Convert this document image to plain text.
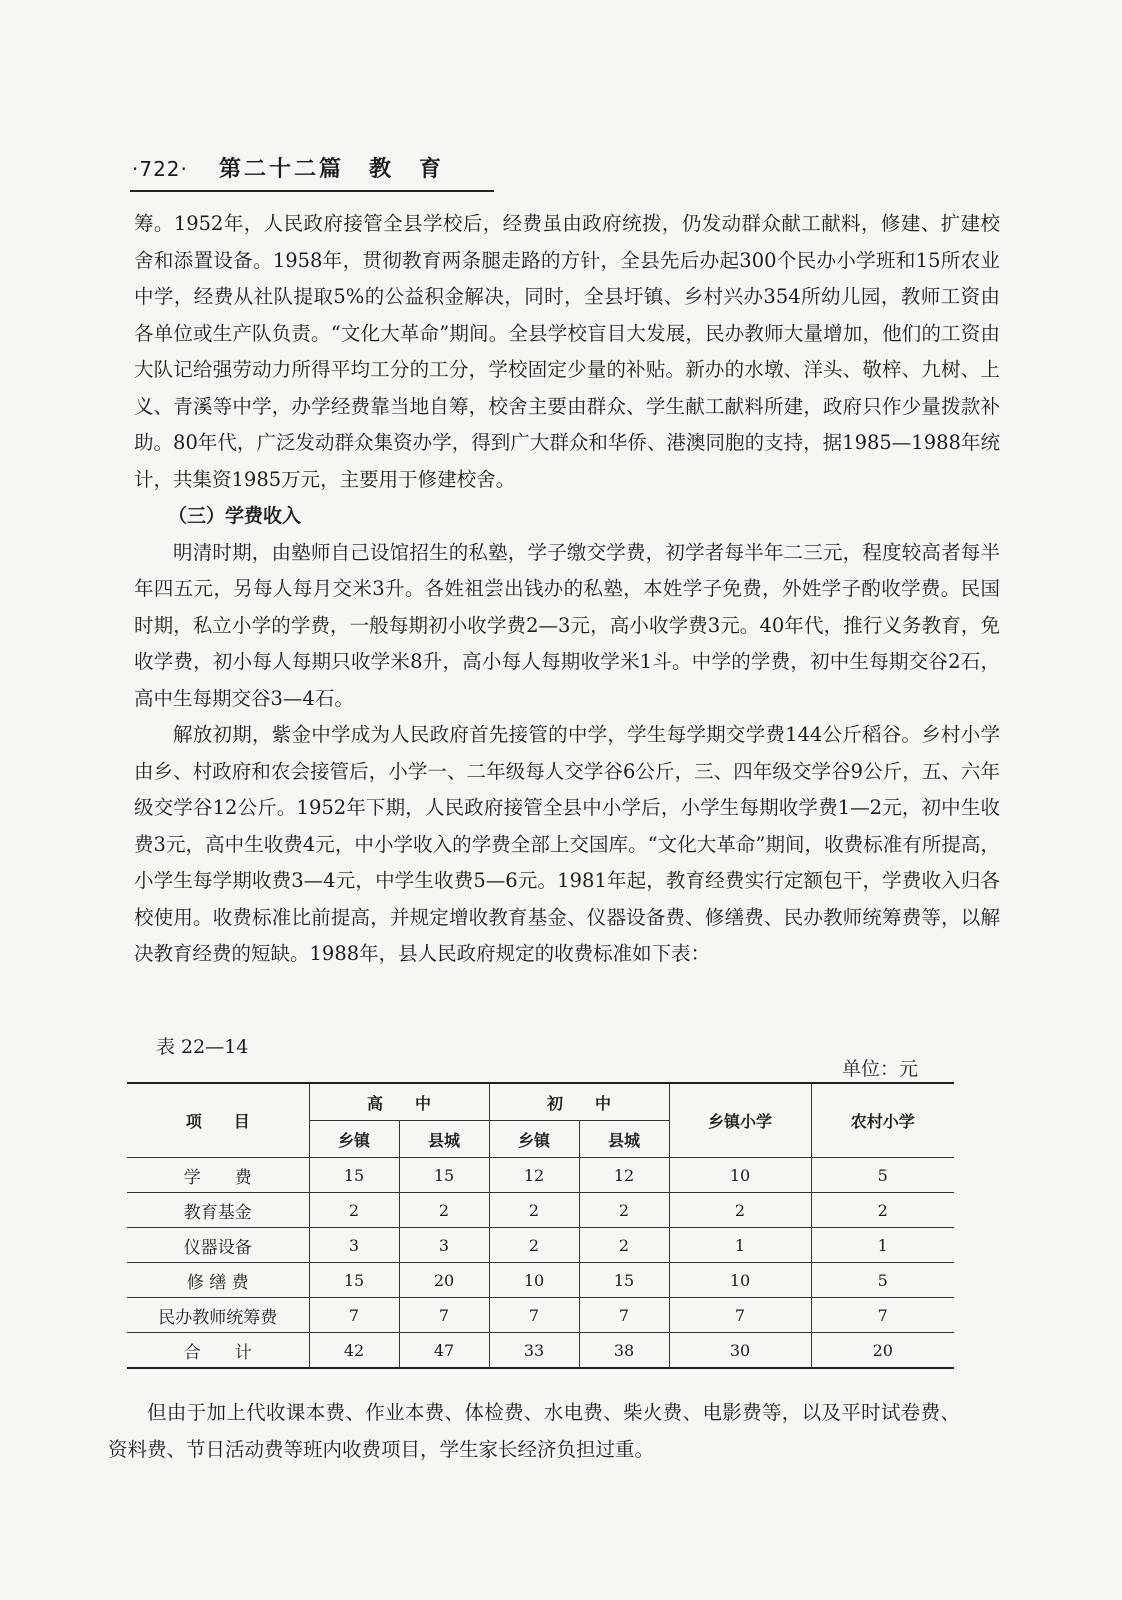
·722· 第二十二篇　教　育

筹。1952年，人民政府接管全县学校后，经费虽由政府统拨，仍发动群众献工献料，修建、扩建校舍和添置设备。1958年，贯彻教育两条腿走路的方针，全县先后办起300个民办小学班和15所农业中学，经费从社队提取5%的公益积金解决，同时，全县圩镇、乡村兴办354所幼儿园，教师工资由各单位或生产队负责。“文化大革命”期间。全县学校盲目大发展，民办教师大量增加，他们的工资由大队记给强劳动力所得平均工分的工分，学校固定少量的补贴。新办的水墩、洋头、敬梓、九树、上义、青溪等中学，办学经费靠当地自筹，校舍主要由群众、学生献工献料所建，政府只作少量拨款补助。80年代，广泛发动群众集资办学，得到广大群众和华侨、港澳同胞的支持，据1985—1988年统计，共集资1985万元，主要用于修建校舍。

（三）学费收入

明清时期，由塾师自己设馆招生的私塾，学子缴交学费，初学者每半年二三元，程度较高者每半年四五元，另每人每月交米3升。各姓祖尝出钱办的私塾，本姓学子免费，外姓学子酌收学费。民国时期，私立小学的学费，一般每期初小收学费2—3元，高小收学费3元。40年代，推行义务教育，免收学费，初小每人每期只收学米8升，高小每人每期收学米1斗。中学的学费，初中生每期交谷2石，高中生每期交谷3—4石。

解放初期，紫金中学成为人民政府首先接管的中学，学生每学期交学费144公斤稻谷。乡村小学由乡、村政府和农会接管后，小学一、二年级每人交学谷6公斤，三、四年级交学谷9公斤，五、六年级交学谷12公斤。1952年下期，人民政府接管全县中小学后，小学生每期收学费1—2元，初中生收费3元，高中生收费4元，中小学收入的学费全部上交国库。“文化大革命”期间，收费标准有所提高，小学生每学期收费3—4元，中学生收费5—6元。1981年起，教育经费实行定额包干，学费收入归各校使用。收费标准比前提高，并规定增收教育基金、仪器设备费、修缮费、民办教师统筹费等，以解决教育经费的短缺。1988年，县人民政府规定的收费标准如下表：

表 22—14
单位：元
项　　目	高　　中		初　　中		乡镇小学	农村小学
	乡镇	县城	乡镇	县城		
学　　费	15	15	12	12	10	5
教育基金	2	2	2	2	2	2
仪器设备	3	3	2	2	1	1
修 缮 费	15	20	10	15	10	5
民办教师统筹费	7	7	7	7	7	7
合　　计	42	47	33	38	30	20

但由于加上代收课本费、作业本费、体检费、水电费、柴火费、电影费等，以及平时试卷费、资料费、节日活动费等班内收费项目，学生家长经济负担过重。
